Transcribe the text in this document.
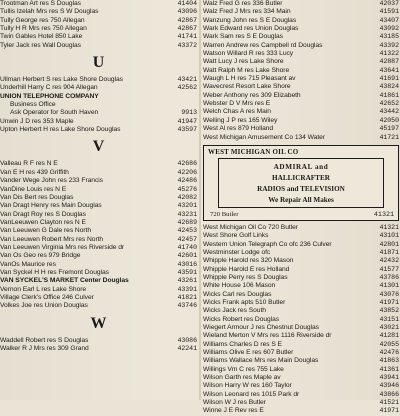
Trootman Art res S Douglas	41404
Tullis Izelah Mrs res S W Douglas	43096
Tully George res 750 Allegan	42867
Tully H R Mrs res 750 Allegan	42867
Twin Gables Hotel 850 Lake	41741
Tyler Jack res Wall Douglas	43372
U
Ullman Herbert S res Lake Shore Douglas	43421
Underhill Harry C res 904 Allegan	42562
UNION TELEPHONE COMPANY
Business Office
Ask Operator for South Haven	9913
Unwin J D res 353 Maple	41947
Upton Herbert H res Lake Shore Douglas	43597
V
Valleau R F res N E	42686
Van E H res 439 Griffith	42206
Vander Wege John res 233 Francis	42486
VanDine Louis res N E	45276
Van Dis Bert res Douglas	42082
Van Dragt Henry res Main Douglas	43201
Van Dragt Roy res S Douglas	43231
VanLeeuwen Clayton res N E	42689
Van Leeuwen G Dale res North	42453
Van Leeuwen Robert Mrs res North	42457
Van Leeuwen Virginia Mrs res Riverside dr	41740
Van Os Geo res 979 Bridge	42601
VanOs Maurice res	43016
Van Syckel H H res Fremont Douglas	43591
VAN SYCKEL'S MARKET Center Douglas	43261
Vernon Earl L res Lake Shore	43391
Village Clerk's Office 246 Culver	41821
Volkes Joe res Union Douglas	43746
W
Waddell Robert res S Douglas	43086
Walker R J Mrs res 309 Grand	42241
Walz Fred G res 336 Butler	42037
Walz Fred J Mrs res 334 Main	41591
Wanzung John res S E Douglas	43407
Wark Edward res Union Douglas	43092
Wark Sam res S E Douglas	43185
Warren Andrew res Campbell rd Douglas	43392
Watson Willard R res 333 Lucy	41322
Watt Lucy J res Lake Shore	42887
Watt Ralph M res Lake Shore	43641
Waugh L H res 715 Pleasant av	41691
Wavecrest Resort Lake Shore	43824
Weber Anthony res 309 Elizabeth	41861
Webster D V Mrs res E	42652
Welch Chas A res Main	43442
Welling J P res 165 Wiley	42050
West Al res 879 Holland	45197
West Michigan Amusement Co 134 Water	41721
WEST MICHIGAN OIL CO
ADMIRAL and
HALLICRAFTER
RADIOS and TELEVISION
We Repair All Makes
720 Butler	41321
West Michigan Oil Co 720 Butler	41321
West Shore Golf Links	43101
Western Union Telegraph Co ofc 236 Culver	42801
Westminster Lodge ofc	41871
Whipple Harold res 320 Mason	42432
Whipple Harold E res Holland	41577
Whipple Perry res S Douglas	43786
White House 106 Mason	41301
Wicks Carl res Douglas	43076
Wicks Frank apts 510 Butler	41971
Wicks Jack res South	43852
Wicks Robert res Douglas	43151
Wiegert Armour J res Chestnut Douglas	43021
Wieland Merton V Mrs res 1116 Riverside dr	41281
Williams Charles D res S E	42055
Williams Olive E res 607 Butler	42476
Williams Wallace Mrs res Main Douglas	41863
Willings Vm C res 755 Lake	41361
Wilson Garth res Maple av	43941
Wilson Harry W res 160 Taylor	43946
Wilson Leonard res 1015 Park dr	43866
Wilson W J res Butler	41521
Winne J E Rev res E	41971
